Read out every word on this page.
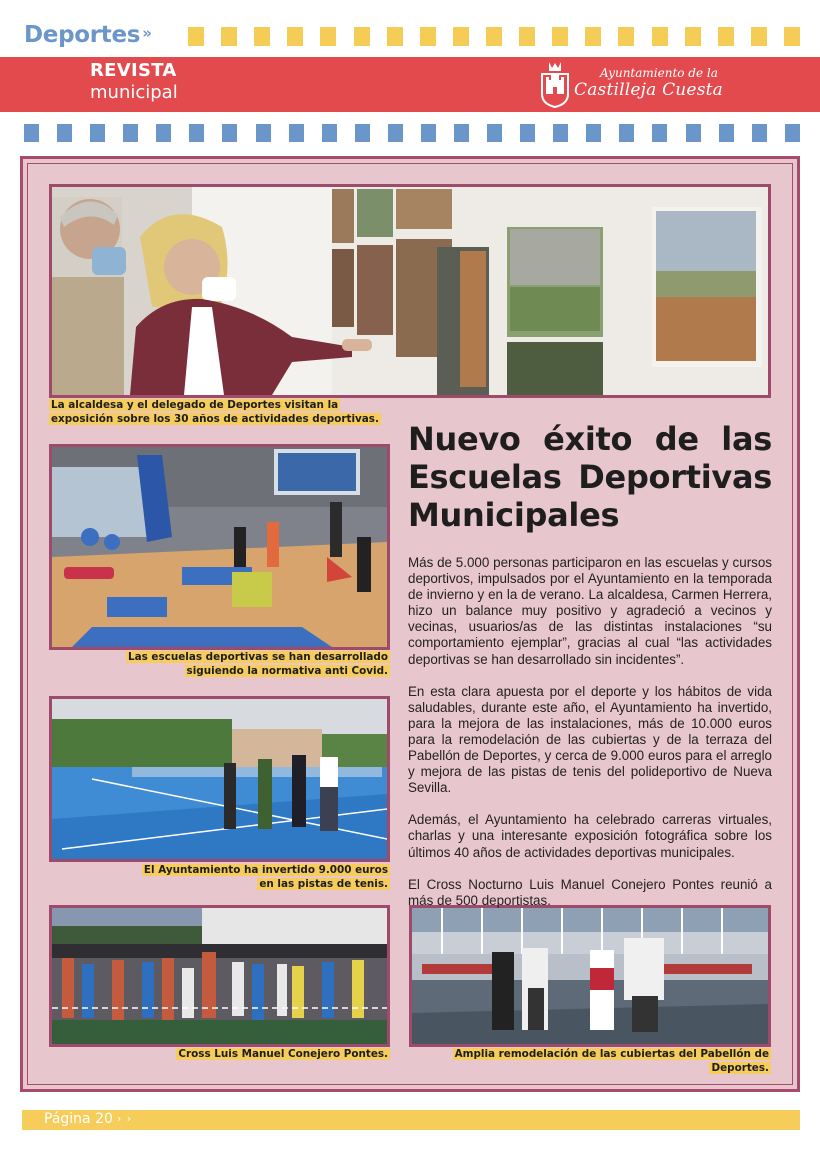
Deportes »
REVISTA
municipal
Ayuntamiento de la
Castilleja Cuesta
La alcaldesa y el delegado de Deportes visitan la exposición sobre los 30 años de actividades deportivas.
Las escuelas deportivas se han desarrollado siguiendo la normativa anti Covid.
El Ayuntamiento ha invertido 9.000 euros en las pistas de tenis.
Cross Luis Manuel Conejero Pontes.	Amplia remodelación de las cubiertas del Pabellón de Deportes.
Nuevo éxito de las Escuelas Deportivas Municipales

Más de 5.000 personas participaron en las escuelas y cursos deportivos, impulsados por el Ayuntamiento en la temporada de invierno y en la de verano. La alcaldesa, Carmen Herrera, hizo un balance muy positivo y agradeció a vecinos y vecinas, usuarios/as de las distintas instalaciones “su comportamiento ejemplar”, gracias al cual “las actividades deportivas se han desarrollado sin incidentes”.

En esta clara apuesta por el deporte y los hábitos de vida saludables, durante este año, el Ayuntamiento ha invertido, para la mejora de las instalaciones, más de 10.000 euros para la remodelación de las cubiertas y de la terraza del Pabellón de Deportes, y cerca de 9.000 euros para el arreglo y mejora de las pistas de tenis del polideportivo de Nueva Sevilla.

Además, el Ayuntamiento ha celebrado carreras virtuales, charlas y una interesante exposición fotográfica sobre los últimos 40 años de actividades deportivas municipales.

El Cross Nocturno Luis Manuel Conejero Pontes reunió a más de 500 deportistas.

Página 20 › ›
